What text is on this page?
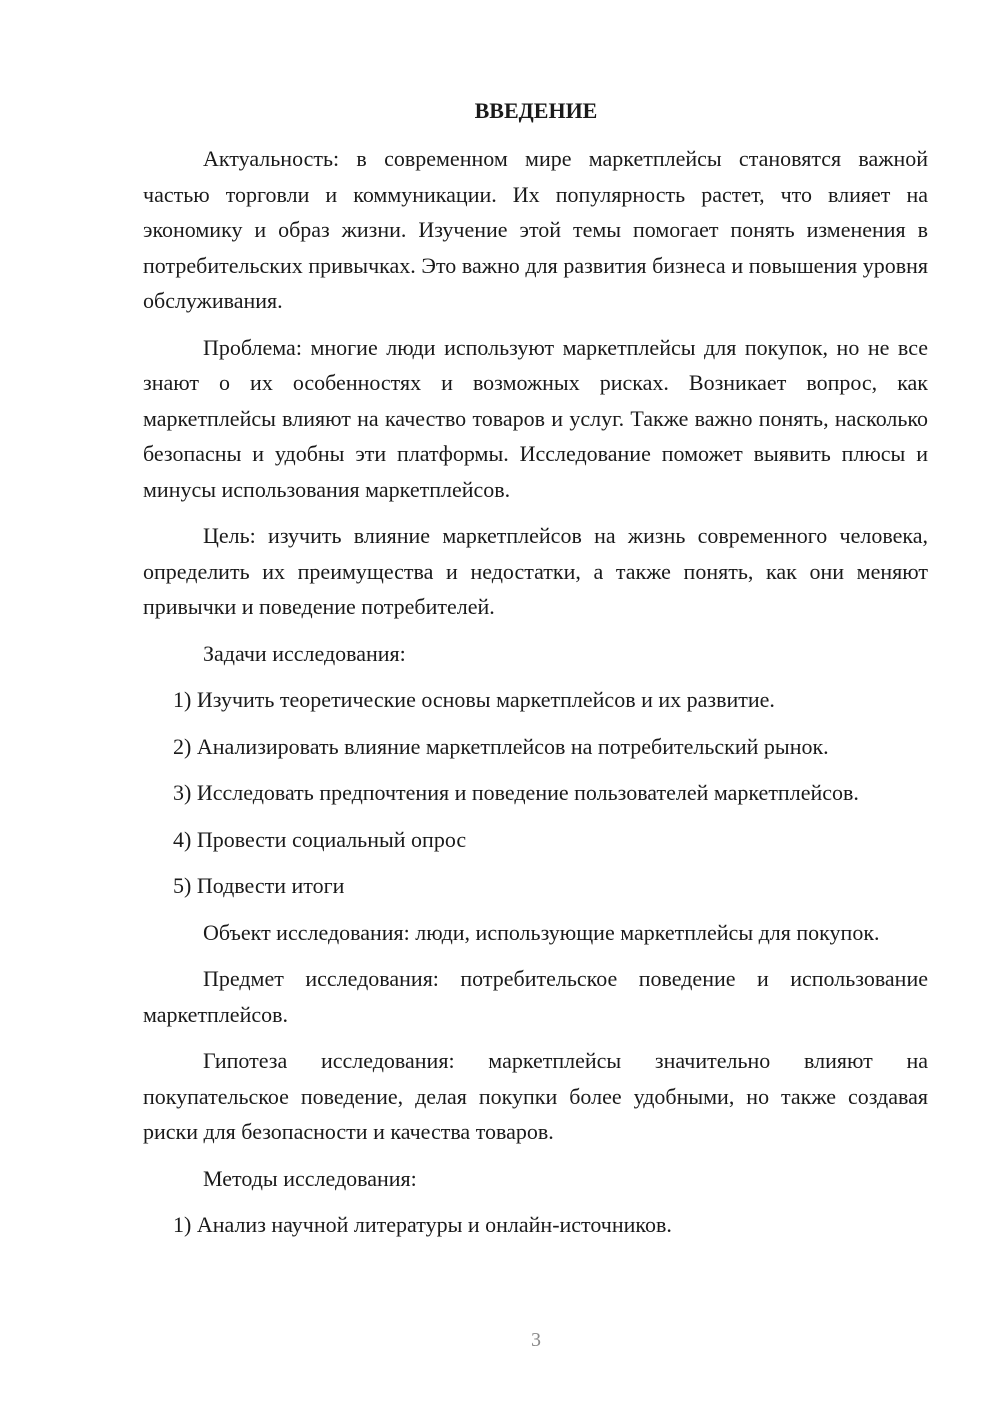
ВВЕДЕНИЕ

Актуальность: в современном мире маркетплейсы становятся важной частью торговли и коммуникации. Их популярность растет, что влияет на экономику и образ жизни. Изучение этой темы помогает понять изменения в потребительских привычках. Это важно для развития бизнеса и повышения уровня обслуживания.

Проблема: многие люди используют маркетплейсы для покупок, но не все знают о их особенностях и возможных рисках. Возникает вопрос, как маркетплейсы влияют на качество товаров и услуг. Также важно понять, насколько безопасны и удобны эти платформы. Исследование поможет выявить плюсы и минусы использования маркетплейсов.

Цель: изучить влияние маркетплейсов на жизнь современного человека, определить их преимущества и недостатки, а также понять, как они меняют привычки и поведение потребителей.

Задачи исследования:

1) Изучить теоретические основы маркетплейсов и их развитие.

2) Анализировать влияние маркетплейсов на потребительский рынок.

3) Исследовать предпочтения и поведение пользователей маркетплейсов.

4) Провести социальный опрос

5) Подвести итоги

Объект исследования: люди, использующие маркетплейсы для покупок.

Предмет исследования: потребительское поведение и использование маркетплейсов.

Гипотеза исследования: маркетплейсы значительно влияют на покупательское поведение, делая покупки более удобными, но также создавая риски для безопасности и качества товаров.

Методы исследования:

1) Анализ научной литературы и онлайн-источников.

3
